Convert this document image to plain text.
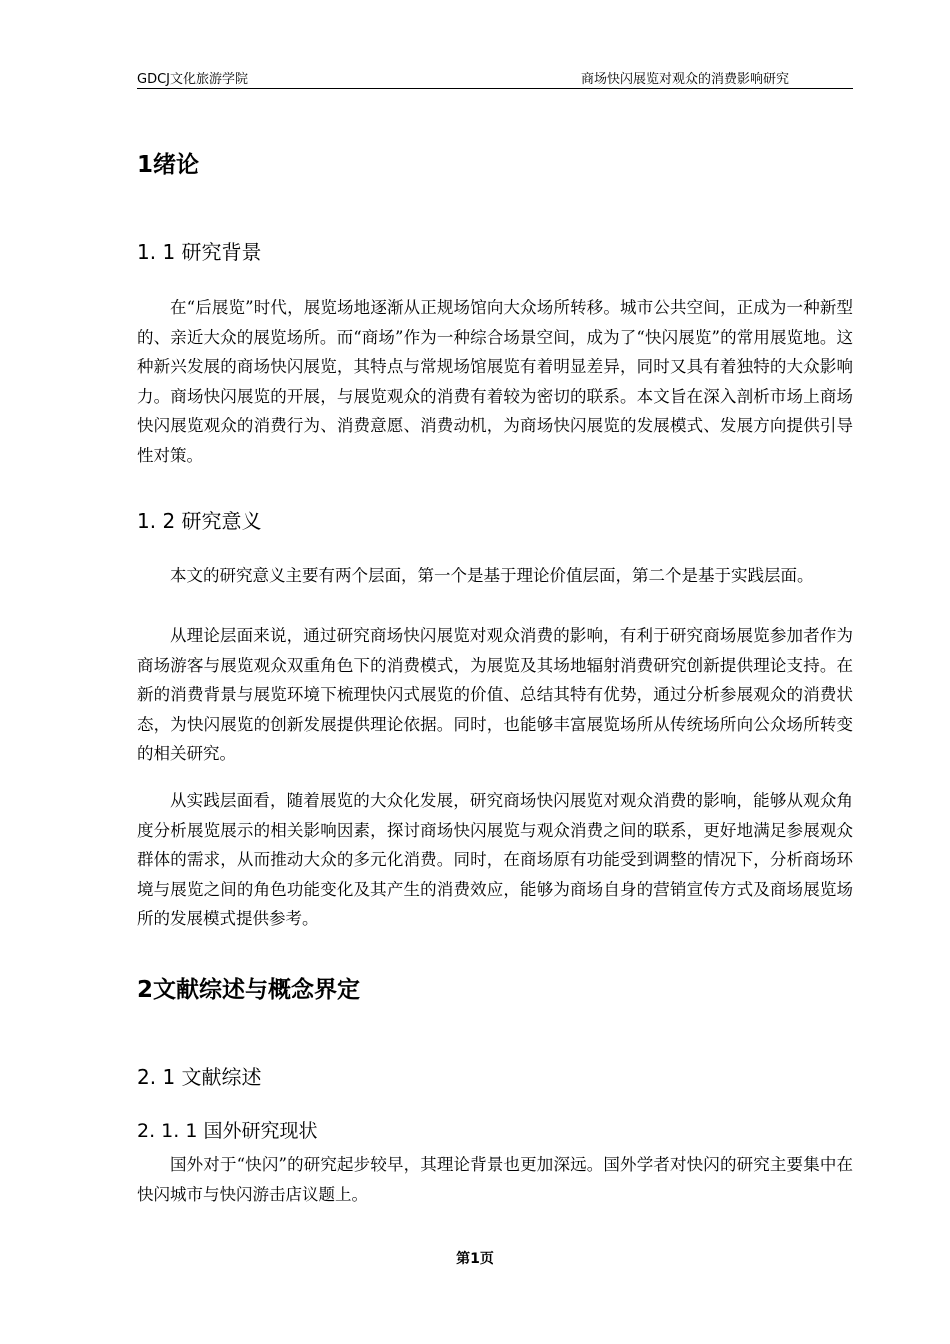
GDCJ文化旅游学院	商场快闪展览对观众的消费影响研究
1绪论
1. 1 研究背景

在“后展览”时代，展览场地逐渐从正规场馆向大众场所转移。城市公共空间，正成为一种新型的、亲近大众的展览场所。而“商场”作为一种综合场景空间，成为了“快闪展览”的常用展览地。这种新兴发展的商场快闪展览，其特点与常规场馆展览有着明显差异，同时又具有着独特的大众影响力。商场快闪展览的开展，与展览观众的消费有着较为密切的联系。本文旨在深入剖析市场上商场快闪展览观众的消费行为、消费意愿、消费动机，为商场快闪展览的发展模式、发展方向提供引导性对策。

1. 2 研究意义

本文的研究意义主要有两个层面，第一个是基于理论价值层面，第二个是基于实践层面。

从理论层面来说，通过研究商场快闪展览对观众消费的影响，有利于研究商场展览参加者作为商场游客与展览观众双重角色下的消费模式，为展览及其场地辐射消费研究创新提供理论支持。在新的消费背景与展览环境下梳理快闪式展览的价值、总结其特有优势，通过分析参展观众的消费状态，为快闪展览的创新发展提供理论依据。同时，也能够丰富展览场所从传统场所向公众场所转变的相关研究。

从实践层面看，随着展览的大众化发展，研究商场快闪展览对观众消费的影响，能够从观众角度分析展览展示的相关影响因素，探讨商场快闪展览与观众消费之间的联系，更好地满足参展观众群体的需求，从而推动大众的多元化消费。同时，在商场原有功能受到调整的情况下，分析商场环境与展览之间的角色功能变化及其产生的消费效应，能够为商场自身的营销宣传方式及商场展览场所的发展模式提供参考。

2文献综述与概念界定
2. 1 文献综述
2. 1. 1 国外研究现状

国外对于“快闪”的研究起步较早，其理论背景也更加深远。国外学者对快闪的研究主要集中在快闪城市与快闪游击店议题上。

第1页
